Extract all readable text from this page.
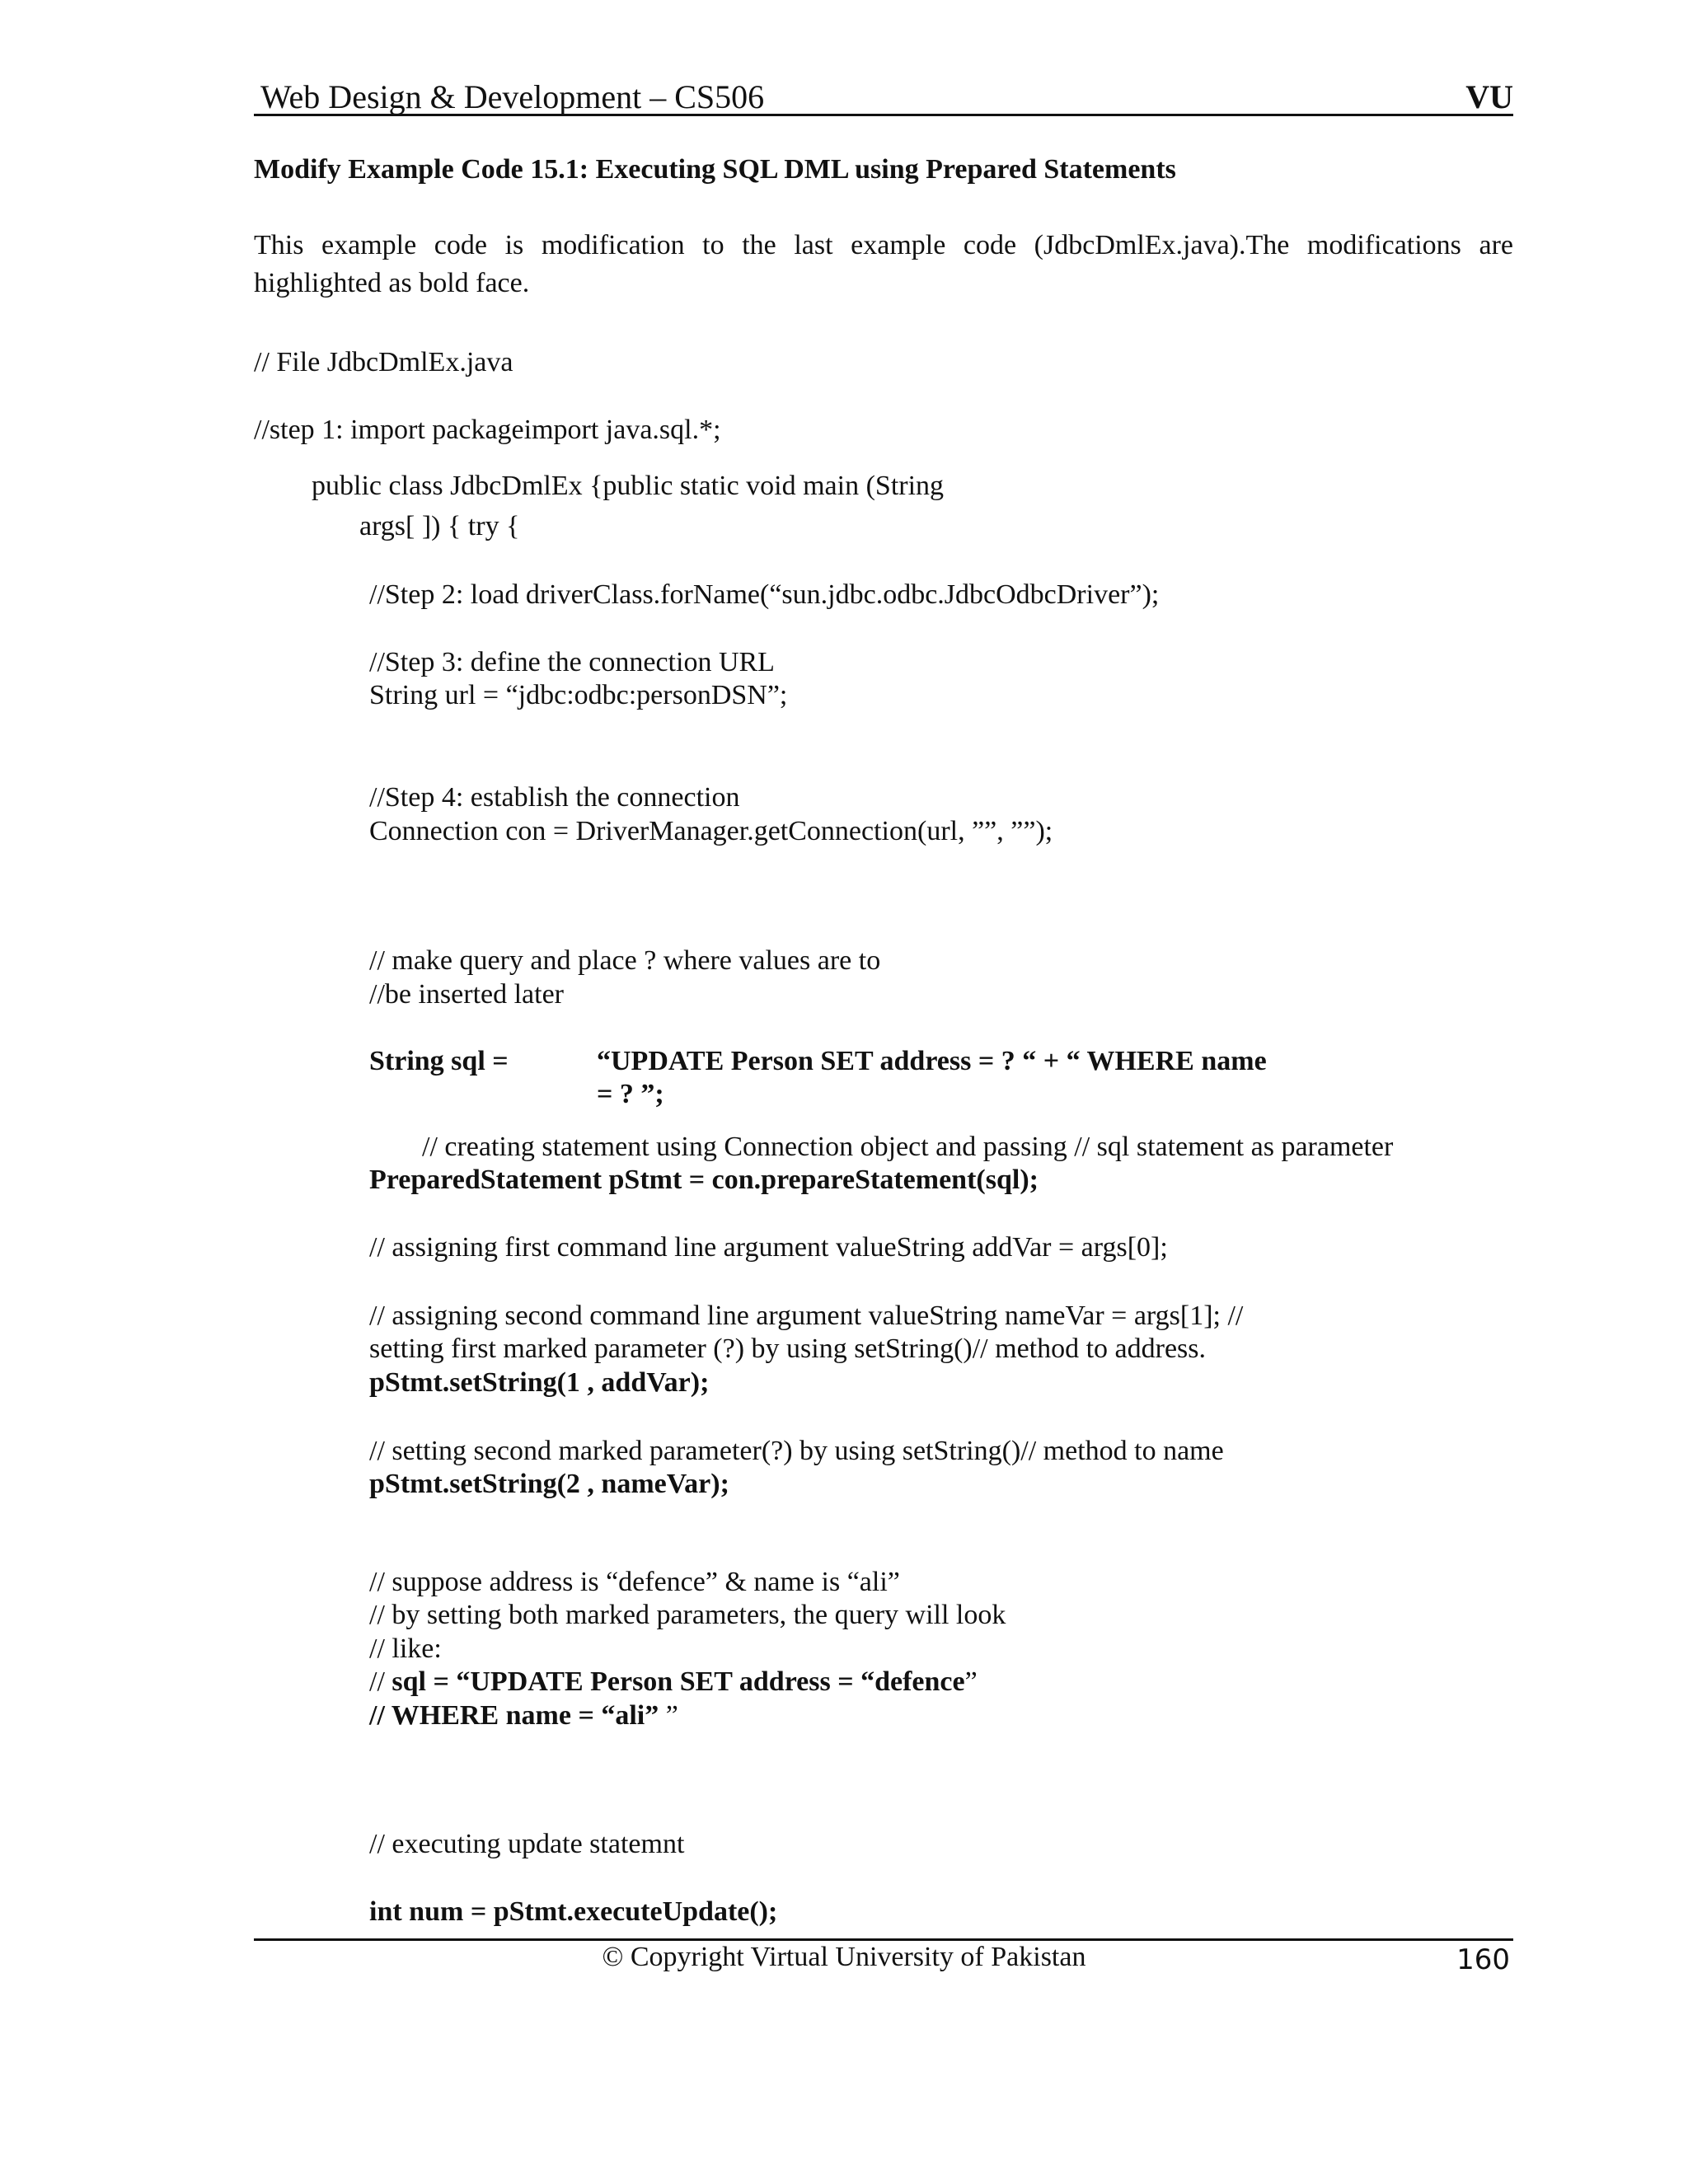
Web Design & Development – CS506	VU
Modify Example Code 15.1: Executing SQL DML using Prepared Statements
This example code is modification to the last example code (JdbcDmlEx.java).The modifications are
highlighted as bold face.
// File JdbcDmlEx.java
//step 1: import packageimport java.sql.*;
public class JdbcDmlEx {public static void main (String
args[ ]) { try {
//Step 2: load driverClass.forName(“sun.jdbc.odbc.JdbcOdbcDriver”);
//Step 3: define the connection URL
String url = “jdbc:odbc:personDSN”;
//Step 4: establish the connection
Connection con = DriverManager.getConnection(url, ””, ””);
// make query and place ? where values are to
//be inserted later
String sql =	“UPDATE Person SET address = ? “ + “ WHERE name
= ? ”;
// creating statement using Connection object and passing // sql statement as parameter
PreparedStatement pStmt = con.prepareStatement(sql);
// assigning first command line argument valueString addVar = args[0];
// assigning second command line argument valueString nameVar = args[1]; //
setting first marked parameter (?) by using setString()// method to address.
pStmt.setString(1 , addVar);
// setting second marked parameter(?) by using setString()// method to name
pStmt.setString(2 , nameVar);
// suppose address is “defence” & name is “ali”
// by setting both marked parameters, the query will look
// like:
// sql = “UPDATE Person SET address = “defence”
// WHERE name = “ali” ”
// executing update statemnt
int num = pStmt.executeUpdate();
© Copyright Virtual University of Pakistan	160
